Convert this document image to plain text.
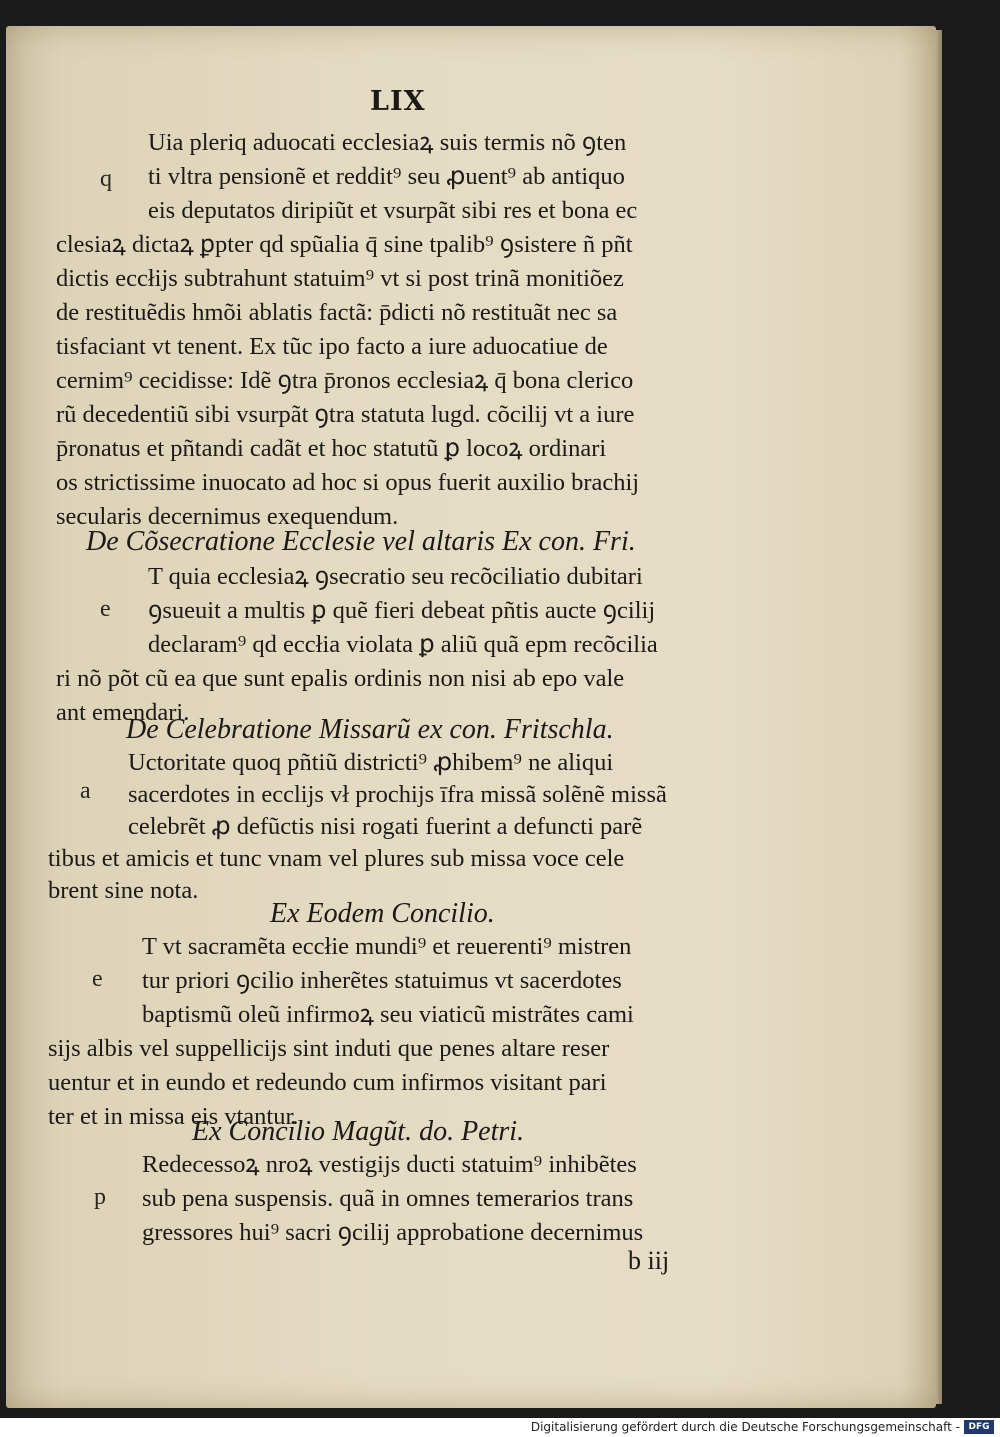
LIX
q
Uia pleriq aduocati ecclesiaꝝ suis termis nõ ꝯten
ti vltra pensionẽ et reddit⁹ seu ꝓuent⁹ ab antiquo
eis deputatos diripiũt et vsurpãt sibi res et bona ec
clesiaꝝ dictaꝝ ꝑpter qd spũalia q̄ sine tpalib⁹ ꝯsistere ñ pñt
dictis eccłijs subtrahunt statuim⁹ vt si post trinã monitiõez
de restituẽdis hmõi ablatis factã: p̄dicti nõ restituãt nec sa
tisfaciant vt tenent. Ex tũc ipo facto a iure aduocatiue de
cernim⁹ cecidisse: Idẽ ꝯtra p̄ronos ecclesiaꝝ q̄ bona clerico
rũ decedentiũ sibi vsurpãt ꝯtra statuta lugd. cõcilij vt a iure
p̄ronatus et pñtandi cadãt et hoc statutũ ꝑ locoꝝ ordinari
os strictissime inuocato ad hoc si opus fuerit auxilio brachij
secularis decernimus exequendum.
De Cõsecratione Ecclesie vel altaris Ex con. Fri.
e
T quia ecclesiaꝝ ꝯsecratio seu recõciliatio dubitari
ꝯsueuit a multis ꝑ quẽ fieri debeat pñtis aucte ꝯcilij
declaram⁹ qd eccłia violata ꝑ aliũ quã epm recõcilia
ri nõ põt cũ ea que sunt epalis ordinis non nisi ab epo vale
ant emendari.
De Celebratione Missarũ ex con. Fritschla.
a
Uctoritate quoq pñtiũ districti⁹ ꝓhibem⁹ ne aliqui
sacerdotes in ecclijs vł prochijs īfra missã solẽnẽ missã
celebrẽt ꝓ defũctis nisi rogati fuerint a defuncti parẽ
tibus et amicis et tunc vnam vel plures sub missa voce cele
brent sine nota.
Ex Eodem Concilio.
e
T vt sacramẽta eccłie mundi⁹ et reuerenti⁹ mistren
tur priori ꝯcilio inherẽtes statuimus vt sacerdotes
baptismũ oleũ infirmoꝝ seu viaticũ mistrãtes cami
sijs albis vel suppellicijs sint induti que penes altare reser
uentur et in eundo et redeundo cum infirmos visitant pari
ter et in missa eis vtantur.
Ex Concilio Magũt. do. Petri.
p
Redecessoꝝ nroꝝ vestigijs ducti statuim⁹ inhibẽtes
sub pena suspensis. quã in omnes temerarios trans
gressores hui⁹ sacri ꝯcilij approbatione decernimus
b iij
Digitalisierung gefördert durch die Deutsche Forschungsgemeinschaft - DFG
